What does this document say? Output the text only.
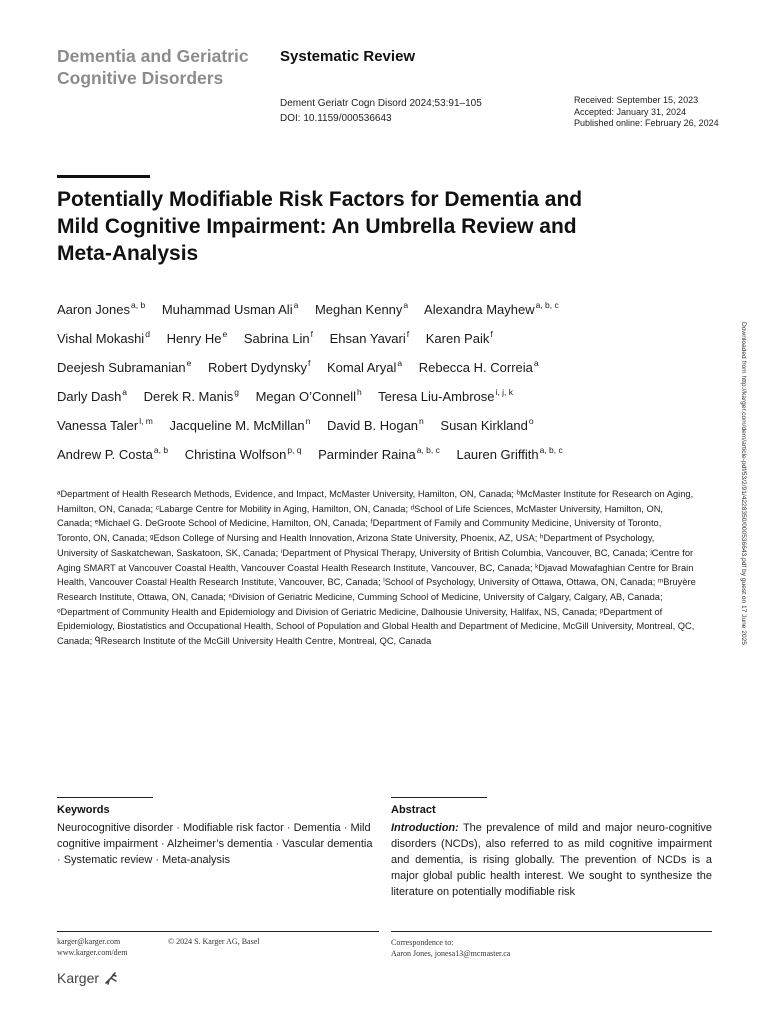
Dementia and Geriatric Cognitive Disorders
Systematic Review
Dement Geriatr Cogn Disord 2024;53:91–105
DOI: 10.1159/000536643
Received: September 15, 2023
Accepted: January 31, 2024
Published online: February 26, 2024
Potentially Modifiable Risk Factors for Dementia and Mild Cognitive Impairment: An Umbrella Review and Meta-Analysis
Aaron Jones$^{a, b}$ Muhammad Usman Ali$^a$ Meghan Kenny$^a$ Alexandra Mayhew$^{a, b, c}$ Vishal Mokashi$^d$ Henry He$^e$ Sabrina Lin$^f$ Ehsan Yavari$^f$ Karen Paik$^f$ Deejesh Subramanian$^e$ Robert Dydynsky$^f$ Komal Aryal$^a$ Rebecca H. Correia$^a$ Darly Dash$^a$ Derek R. Manis$^g$ Megan O’Connell$^h$ Teresa Liu-Ambrose$^{i, j, k}$ Vanessa Taler$^{l, m}$ Jacqueline M. McMillan$^n$ David B. Hogan$^n$ Susan Kirkland$^o$ Andrew P. Costa$^{a, b}$ Christina Wolfson$^{p, q}$ Parminder Raina$^{a, b, c}$ Lauren Griffith$^{a, b, c}$

ᵃDepartment of Health Research Methods, Evidence, and Impact, McMaster University, Hamilton, ON, Canada; ᵇMcMaster Institute for Research on Aging, Hamilton, ON, Canada; ᶜLabarge Centre for Mobility in Aging, Hamilton, ON, Canada; ᵈSchool of Life Sciences, McMaster University, Hamilton, ON, Canada; ᵉMichael G. DeGroote School of Medicine, Hamilton, ON, Canada; ᶠDepartment of Family and Community Medicine, University of Toronto, Toronto, ON, Canada; ᵍEdson College of Nursing and Health Innovation, Arizona State University, Phoenix, AZ, USA; ʰDepartment of Psychology, University of Saskatchewan, Saskatoon, SK, Canada; ⁱDepartment of Physical Therapy, University of British Columbia, Vancouver, BC, Canada; ʲCentre for Aging SMART at Vancouver Coastal Health, Vancouver Coastal Health Research Institute, Vancouver, BC, Canada; ᵏDjavad Mowafaghian Centre for Brain Health, Vancouver Coastal Health Research Institute, Vancouver, BC, Canada; ˡSchool of Psychology, University of Ottawa, Ottawa, ON, Canada; ᵐBruyère Research Institute, Ottawa, ON, Canada; ⁿDivision of Geriatric Medicine, Cumming School of Medicine, University of Calgary, Calgary, AB, Canada; ᵒDepartment of Community Health and Epidemiology and Division of Geriatric Medicine, Dalhousie University, Halifax, NS, Canada; ᵖDepartment of Epidemiology, Biostatistics and Occupational Health, School of Population and Global Health and Department of Medicine, McGill University, Montreal, QC, Canada; ᑫResearch Institute of the McGill University Health Centre, Montreal, QC, Canada	Downloaded from http://karger.com/dem/article-pdf/53/2/91/4228350/000536643.pdf by guest on 17 June 2025
Keywords

Neurocognitive disorder · Modifiable risk factor · Dementia · Mild cognitive impairment · Alzheimer’s dementia · Vascular dementia · Systematic review · Meta-analysis

Abstract

Introduction: The prevalence of mild and major neuro-cognitive disorders (NCDs), also referred to as mild cognitive impairment and dementia, is rising globally. The prevention of NCDs is a major global public health interest. We sought to synthesize the literature on potentially modifiable risk

karger@karger.com
www.karger.com/dem
© 2024 S. Karger AG, Basel	Correspondence to:
Aaron Jones, jonesa13@mcmaster.ca
Karger
